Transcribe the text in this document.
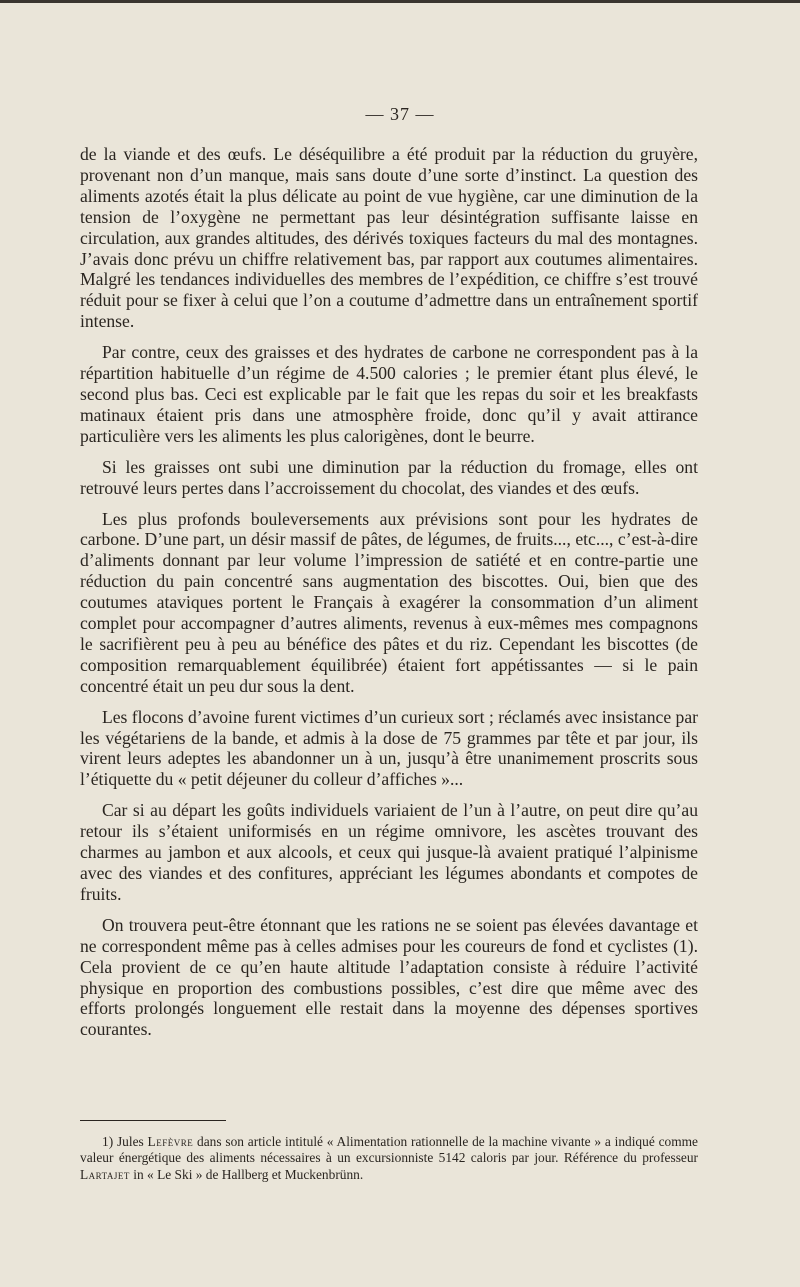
— 37 —

de la viande et des œufs. Le déséquilibre a été produit par la réduction du gruyère, provenant non d’un manque, mais sans doute d’une sorte d’instinct. La question des aliments azotés était la plus délicate au point de vue hygiène, car une diminution de la tension de l’oxygène ne permettant pas leur désintégration suffisante laisse en circulation, aux grandes altitudes, des dérivés toxiques facteurs du mal des montagnes. J’avais donc prévu un chiffre relativement bas, par rapport aux coutumes alimentaires. Malgré les tendances individuelles des membres de l’expédition, ce chiffre s’est trouvé réduit pour se fixer à celui que l’on a coutume d’admettre dans un entraînement sportif intense.

Par contre, ceux des graisses et des hydrates de carbone ne correspondent pas à la répartition habituelle d’un régime de 4.500 calories ; le premier étant plus élevé, le second plus bas. Ceci est explicable par le fait que les repas du soir et les breakfasts matinaux étaient pris dans une atmosphère froide, donc qu’il y avait attirance particulière vers les aliments les plus calorigènes, dont le beurre.

Si les graisses ont subi une diminution par la réduction du fromage, elles ont retrouvé leurs pertes dans l’accroissement du chocolat, des viandes et des œufs.

Les plus profonds bouleversements aux prévisions sont pour les hydrates de carbone. D’une part, un désir massif de pâtes, de légumes, de fruits..., etc..., c’est-à-dire d’aliments donnant par leur volume l’impression de satiété et en contre-partie une réduction du pain concentré sans augmentation des biscottes. Oui, bien que des coutumes ataviques portent le Français à exagérer la consommation d’un aliment complet pour accompagner d’autres aliments, revenus à eux-mêmes mes compagnons le sacrifièrent peu à peu au bénéfice des pâtes et du riz. Cependant les biscottes (de composition remarquablement équilibrée) étaient fort appétissantes — si le pain concentré était un peu dur sous la dent.

Les flocons d’avoine furent victimes d’un curieux sort ; réclamés avec insistance par les végétariens de la bande, et admis à la dose de 75 grammes par tête et par jour, ils virent leurs adeptes les abandonner un à un, jusqu’à être unanimement proscrits sous l’étiquette du « petit déjeuner du colleur d’affiches »...

Car si au départ les goûts individuels variaient de l’un à l’autre, on peut dire qu’au retour ils s’étaient uniformisés en un régime omnivore, les ascètes trouvant des charmes au jambon et aux alcools, et ceux qui jusque-là avaient pratiqué l’alpinisme avec des viandes et des confitures, appréciant les légumes abondants et compotes de fruits.

On trouvera peut-être étonnant que les rations ne se soient pas élevées davantage et ne correspondent même pas à celles admises pour les coureurs de fond et cyclistes (1). Cela provient de ce qu’en haute altitude l’adaptation consiste à réduire l’activité physique en proportion des combustions possibles, c’est dire que même avec des efforts prolongés longuement elle restait dans la moyenne des dépenses sportives courantes.

1) Jules Lefèvre dans son article intitulé « Alimentation rationnelle de la machine vivante » a indiqué comme valeur énergétique des aliments nécessaires à un excursionniste 5142 caloris par jour. Référence du professeur Lartajet in « Le Ski » de Hallberg et Muckenbrünn.
